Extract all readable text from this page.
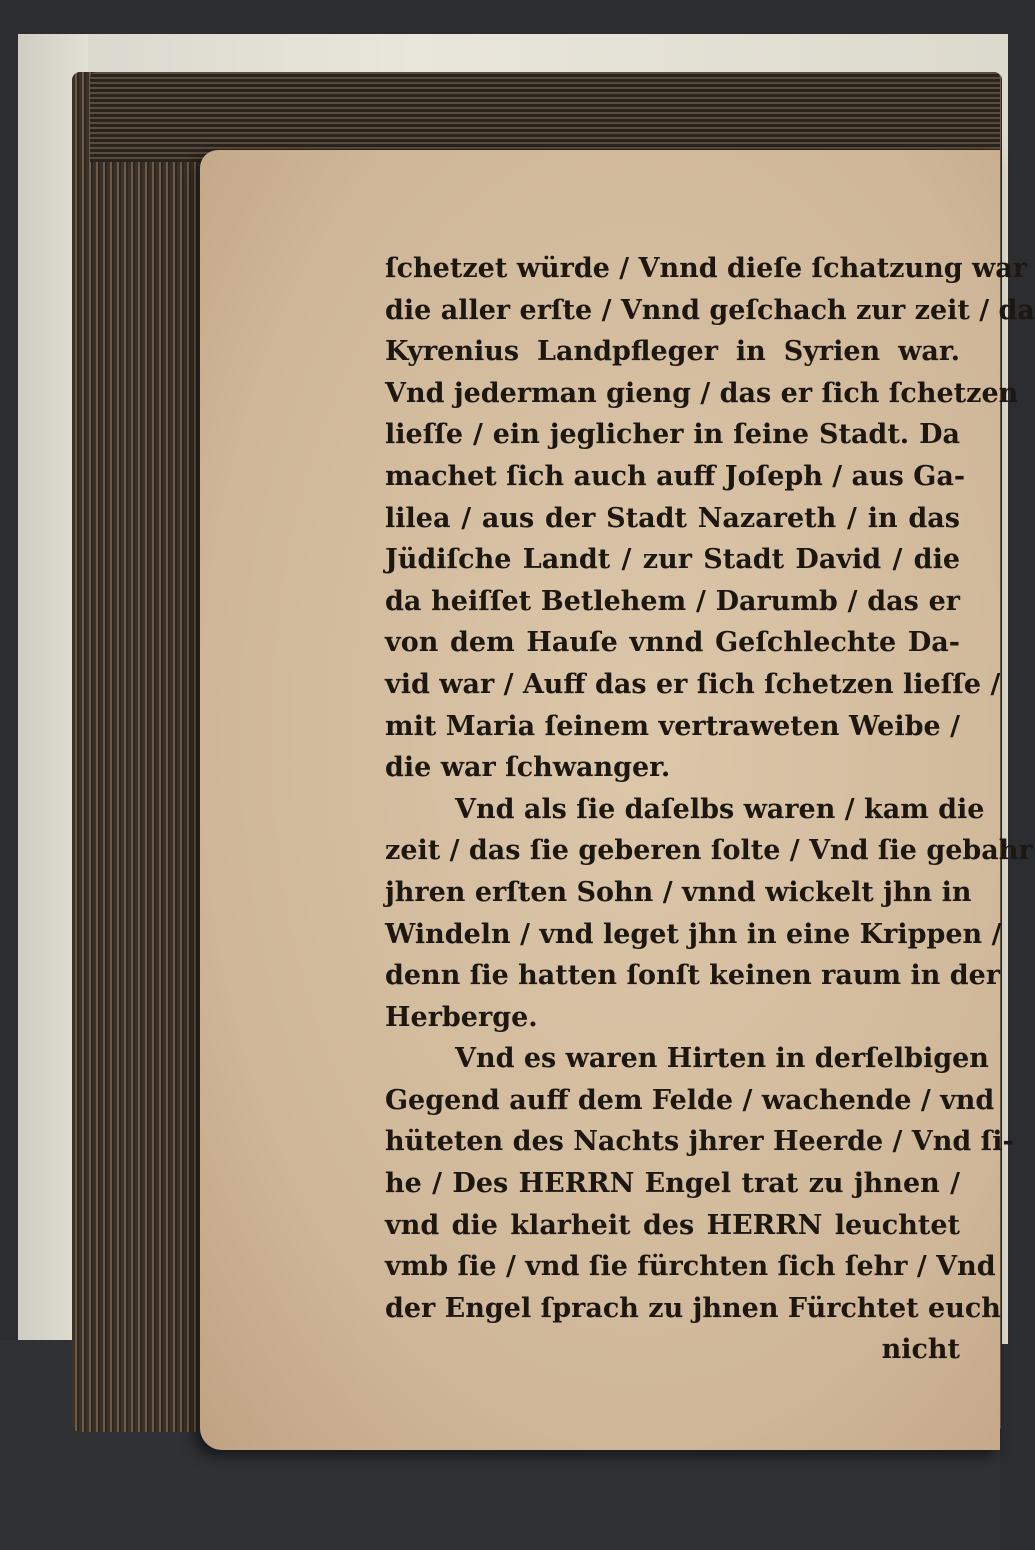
ſchetzet würde / Vnnd dieſe ſchatzung war
die aller erſte / Vnnd geſchach zur zeit / da
Kyrenius Landpfleger in Syrien war.
Vnd jederman gieng / das er ſich ſchetzen
lieſſe / ein jeglicher in ſeine Stadt. Da
machet ſich auch auff Joſeph / aus Ga-
lilea / aus der Stadt Nazareth / in das
Jüdiſche Landt / zur Stadt David / die
da heiſſet Betlehem / Darumb / das er
von dem Hauſe vnnd Geſchlechte Da-
vid war / Auff das er ſich ſchetzen lieſſe /
mit Maria ſeinem vertraweten Weibe /
die war ſchwanger.
Vnd als ſie daſelbs waren / kam die
zeit / das ſie geberen ſolte / Vnd ſie gebahr
jhren erſten Sohn / vnnd wickelt jhn in
Windeln / vnd leget jhn in eine Krippen /
denn ſie hatten ſonſt keinen raum in der
Herberge.
Vnd es waren Hirten in derſelbigen
Gegend auff dem Felde / wachende / vnd
hüteten des Nachts jhrer Heerde / Vnd ſi-
he / Des HERRN Engel trat zu jhnen /
vnd die klarheit des HERRN leuchtet
vmb ſie / vnd ſie fürchten ſich ſehr / Vnd
der Engel ſprach zu jhnen Fürchtet euch
nicht
